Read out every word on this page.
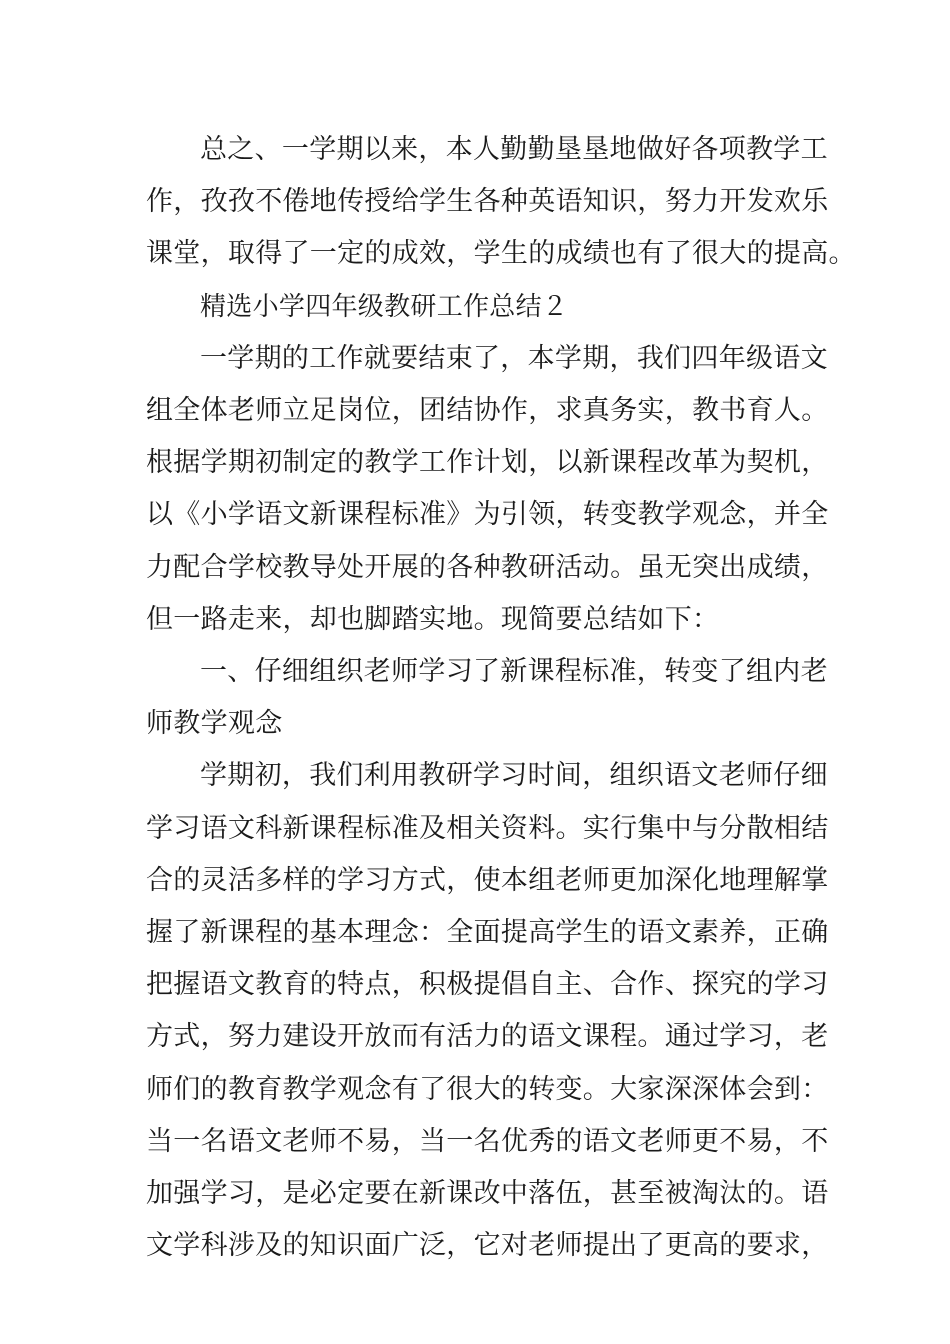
总之、一学期以来，本人勤勤垦垦地做好各项教学工
作，孜孜不倦地传授给学生各种英语知识，努力开发欢乐
课堂，取得了一定的成效，学生的成绩也有了很大的提高。
精选小学四年级教研工作总结２
一学期的工作就要结束了，本学期，我们四年级语文
组全体老师立足岗位，团结协作，求真务实，教书育人。
根据学期初制定的教学工作计划，以新课程改革为契机，
以《小学语文新课程标准》为引领，转变教学观念，并全
力配合学校教导处开展的各种教研活动。虽无突出成绩，
但一路走来，却也脚踏实地。现简要总结如下：
一、仔细组织老师学习了新课程标准，转变了组内老
师教学观念
学期初，我们利用教研学习时间，组织语文老师仔细
学习语文科新课程标准及相关资料。实行集中与分散相结
合的灵活多样的学习方式，使本组老师更加深化地理解掌
握了新课程的基本理念：全面提高学生的语文素养，正确
把握语文教育的特点，积极提倡自主、合作、探究的学习
方式，努力建设开放而有活力的语文课程。通过学习，老
师们的教育教学观念有了很大的转变。大家深深体会到：
当一名语文老师不易，当一名优秀的语文老师更不易，不
加强学习，是必定要在新课改中落伍，甚至被淘汰的。语
文学科涉及的知识面广泛，它对老师提出了更高的要求，
